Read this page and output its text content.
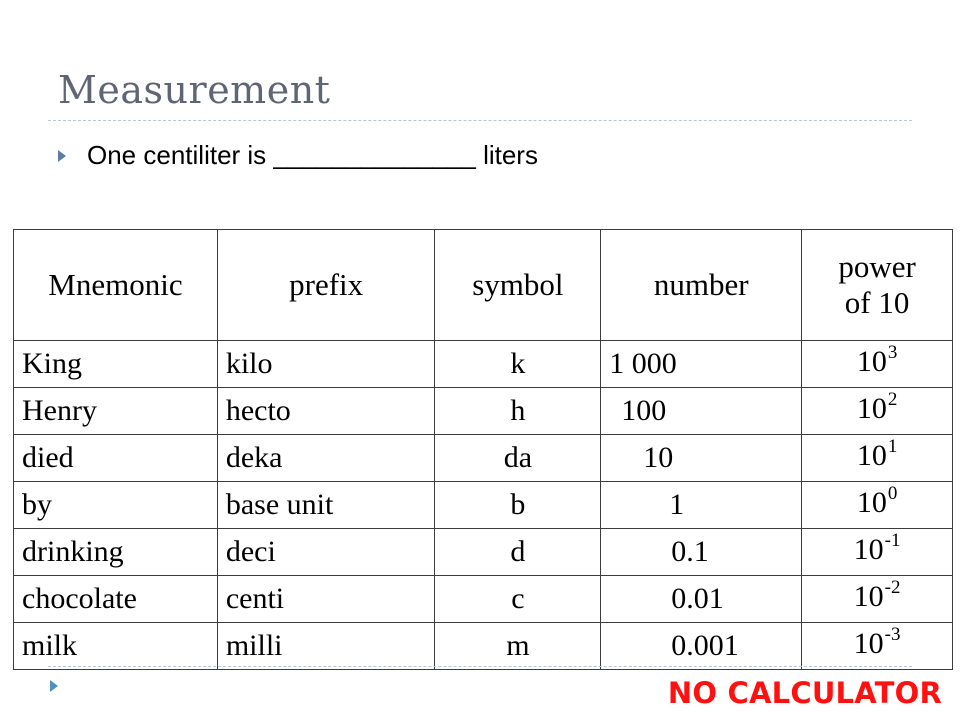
Measurement
One centiliter is ______________ liters
Mnemonic	prefix	symbol	number	power
of 10
King	kilo	k	1 000	$10^3$
Henry	hecto	h	100	$10^2$
died	deka	da	10	$10^1$
by	base unit	b	1	$10^0$
drinking	deci	d	0.1	$10^{-1}$
chocolate	centi	c	0.01	$10^{-2}$
milk	milli	m	0.001	$10^{-3}$
NO CALCULATOR
